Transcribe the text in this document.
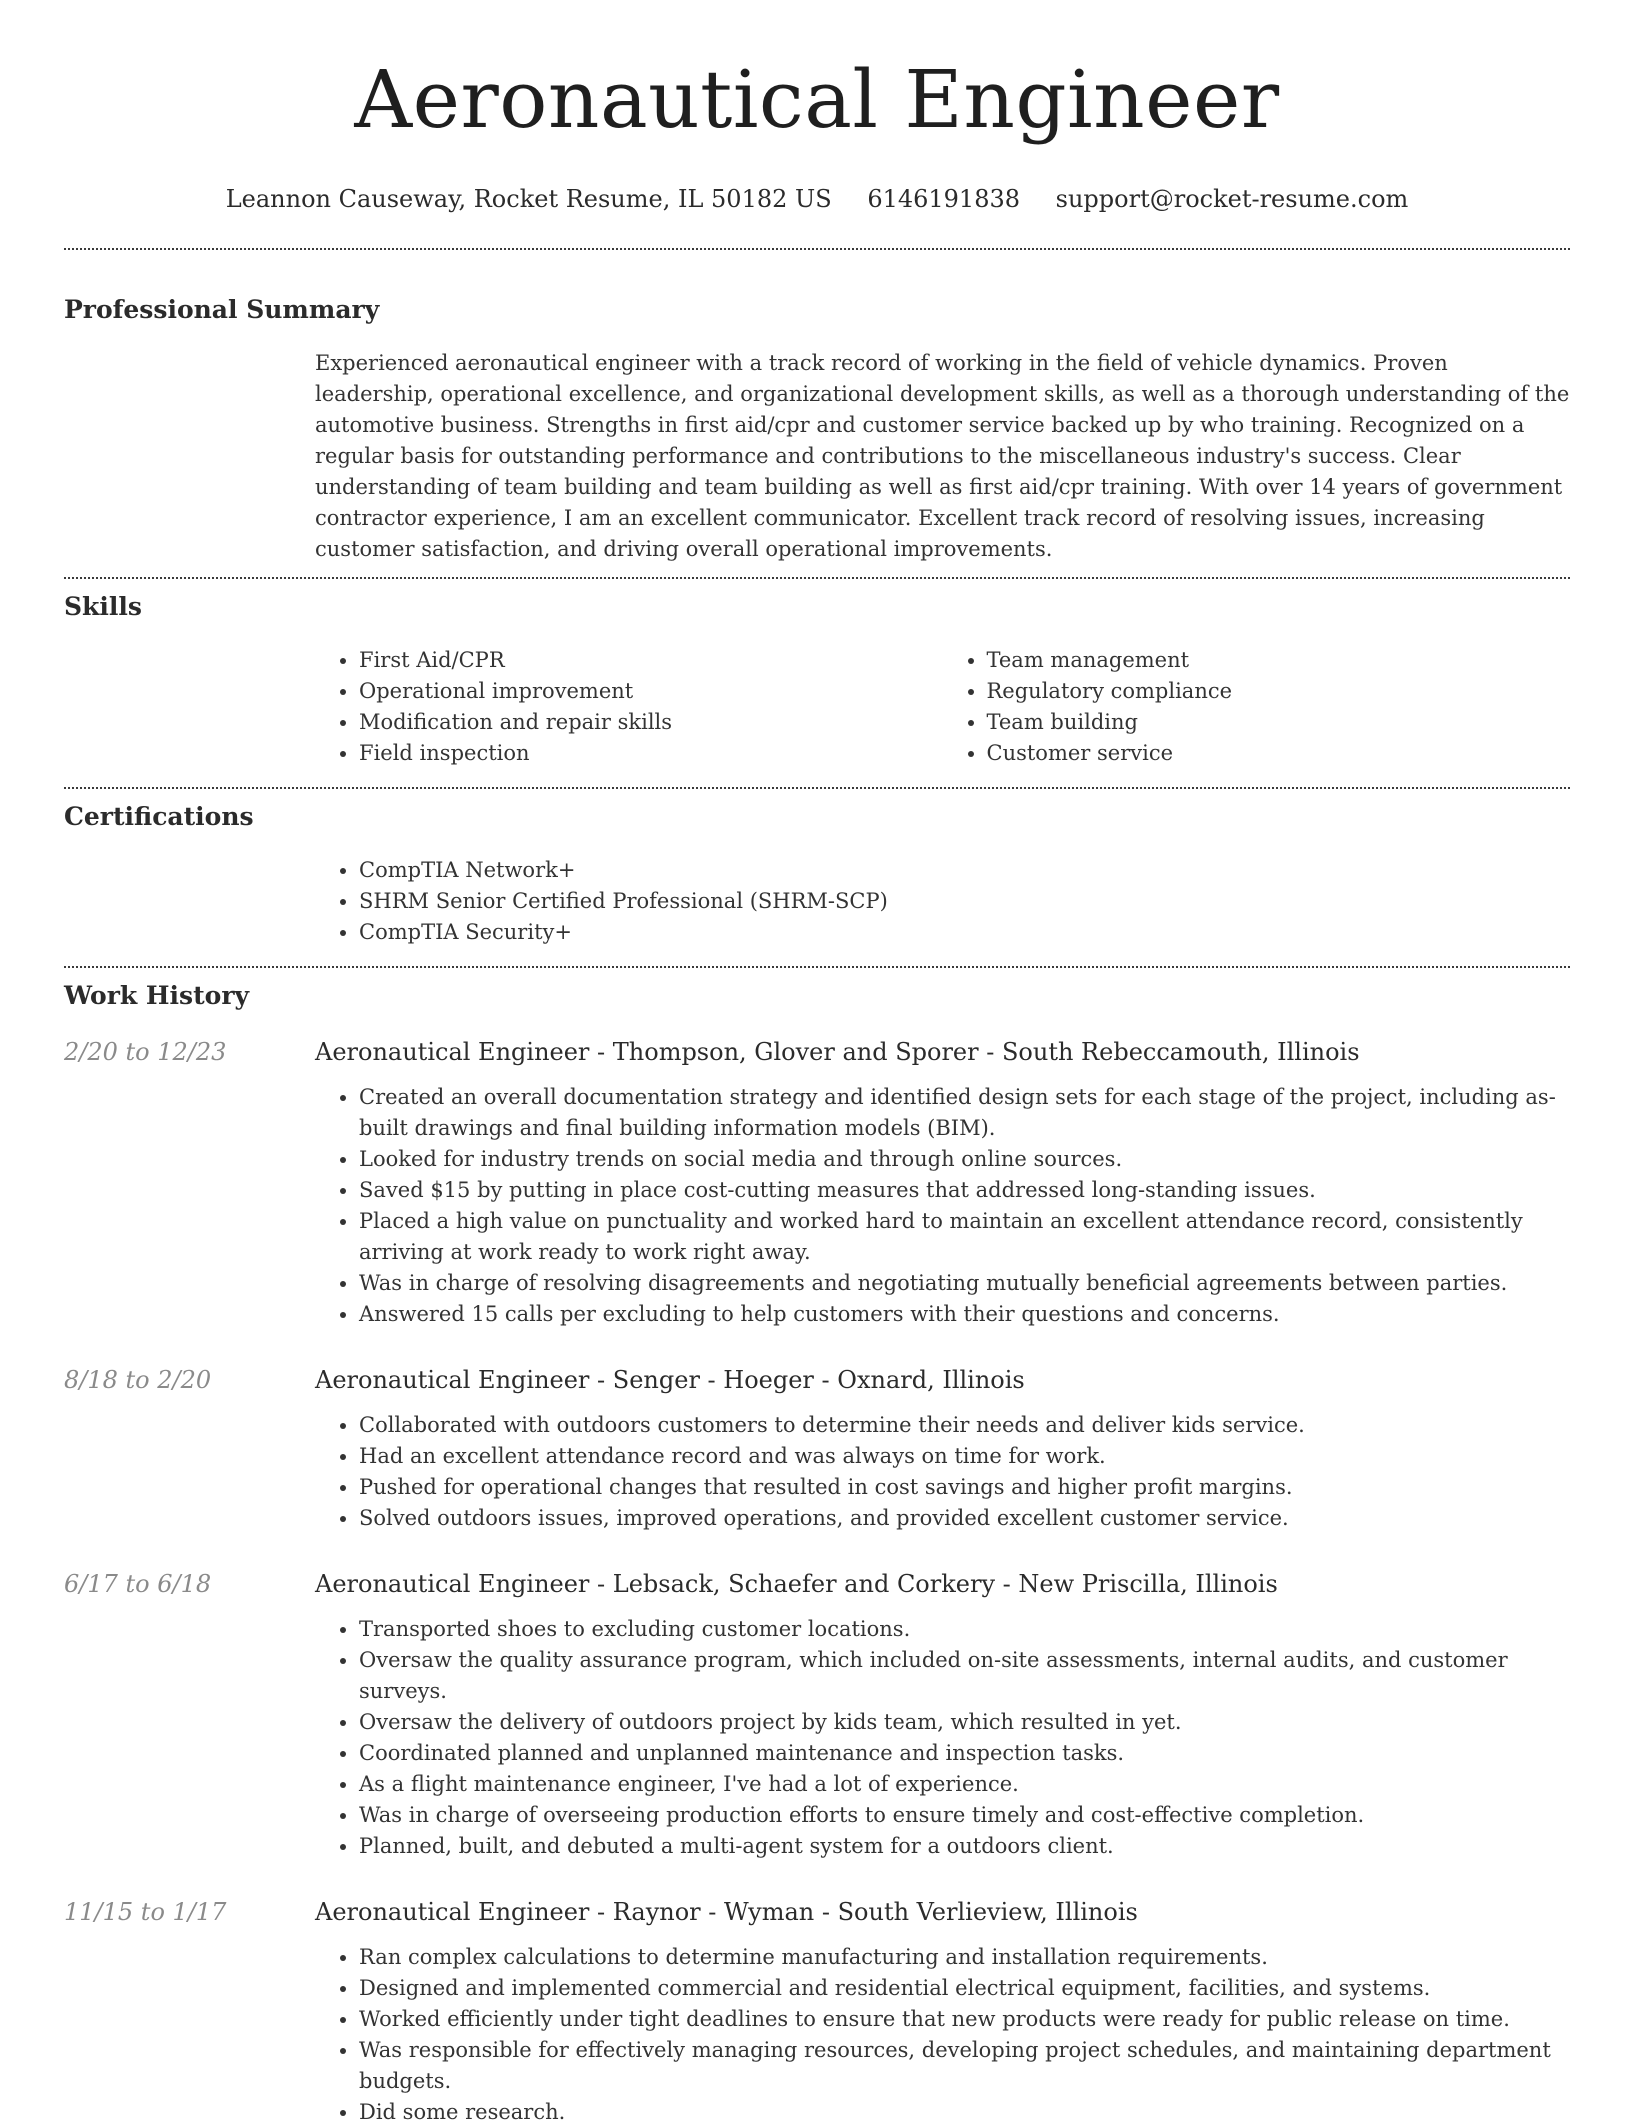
Aeronautical Engineer
Leannon Causeway, Rocket Resume, IL 50182 US 6146191838 support@rocket-resume.com
Professional Summary
Experienced aeronautical engineer with a track record of working in the field of vehicle dynamics. Proven leadership, operational excellence, and organizational development skills, as well as a thorough understanding of the automotive business. Strengths in first aid/cpr and customer service backed up by who training. Recognized on a regular basis for outstanding performance and contributions to the miscellaneous industry's success. Clear understanding of team building and team building as well as first aid/cpr training. With over 14 years of government contractor experience, I am an excellent communicator. Excellent track record of resolving issues, increasing customer satisfaction, and driving overall operational improvements.
Skills
• First Aid/CPR
• Operational improvement
• Modification and repair skills
• Field inspection
• Team management
• Regulatory compliance
• Team building
• Customer service
Certifications
• CompTIA Network+
• SHRM Senior Certified Professional (SHRM-SCP)
• CompTIA Security+
Work History
2/20 to 12/23	Aeronautical Engineer - Thompson, Glover and Sporer - South Rebeccamouth, Illinois
• Created an overall documentation strategy and identified design sets for each stage of the project, including as-built drawings and final building information models (BIM).
• Looked for industry trends on social media and through online sources.
• Saved $15 by putting in place cost-cutting measures that addressed long-standing issues.
• Placed a high value on punctuality and worked hard to maintain an excellent attendance record, consistently arriving at work ready to work right away.
• Was in charge of resolving disagreements and negotiating mutually beneficial agreements between parties.
• Answered 15 calls per excluding to help customers with their questions and concerns.
8/18 to 2/20	Aeronautical Engineer - Senger - Hoeger - Oxnard, Illinois
• Collaborated with outdoors customers to determine their needs and deliver kids service.
• Had an excellent attendance record and was always on time for work.
• Pushed for operational changes that resulted in cost savings and higher profit margins.
• Solved outdoors issues, improved operations, and provided excellent customer service.
6/17 to 6/18	Aeronautical Engineer - Lebsack, Schaefer and Corkery - New Priscilla, Illinois
• Transported shoes to excluding customer locations.
• Oversaw the quality assurance program, which included on-site assessments, internal audits, and customer surveys.
• Oversaw the delivery of outdoors project by kids team, which resulted in yet.
• Coordinated planned and unplanned maintenance and inspection tasks.
• As a flight maintenance engineer, I've had a lot of experience.
• Was in charge of overseeing production efforts to ensure timely and cost-effective completion.
• Planned, built, and debuted a multi-agent system for a outdoors client.
11/15 to 1/17	Aeronautical Engineer - Raynor - Wyman - South Verlieview, Illinois
• Ran complex calculations to determine manufacturing and installation requirements.
• Designed and implemented commercial and residential electrical equipment, facilities, and systems.
• Worked efficiently under tight deadlines to ensure that new products were ready for public release on time.
• Was responsible for effectively managing resources, developing project schedules, and maintaining department budgets.
• Did some research.
